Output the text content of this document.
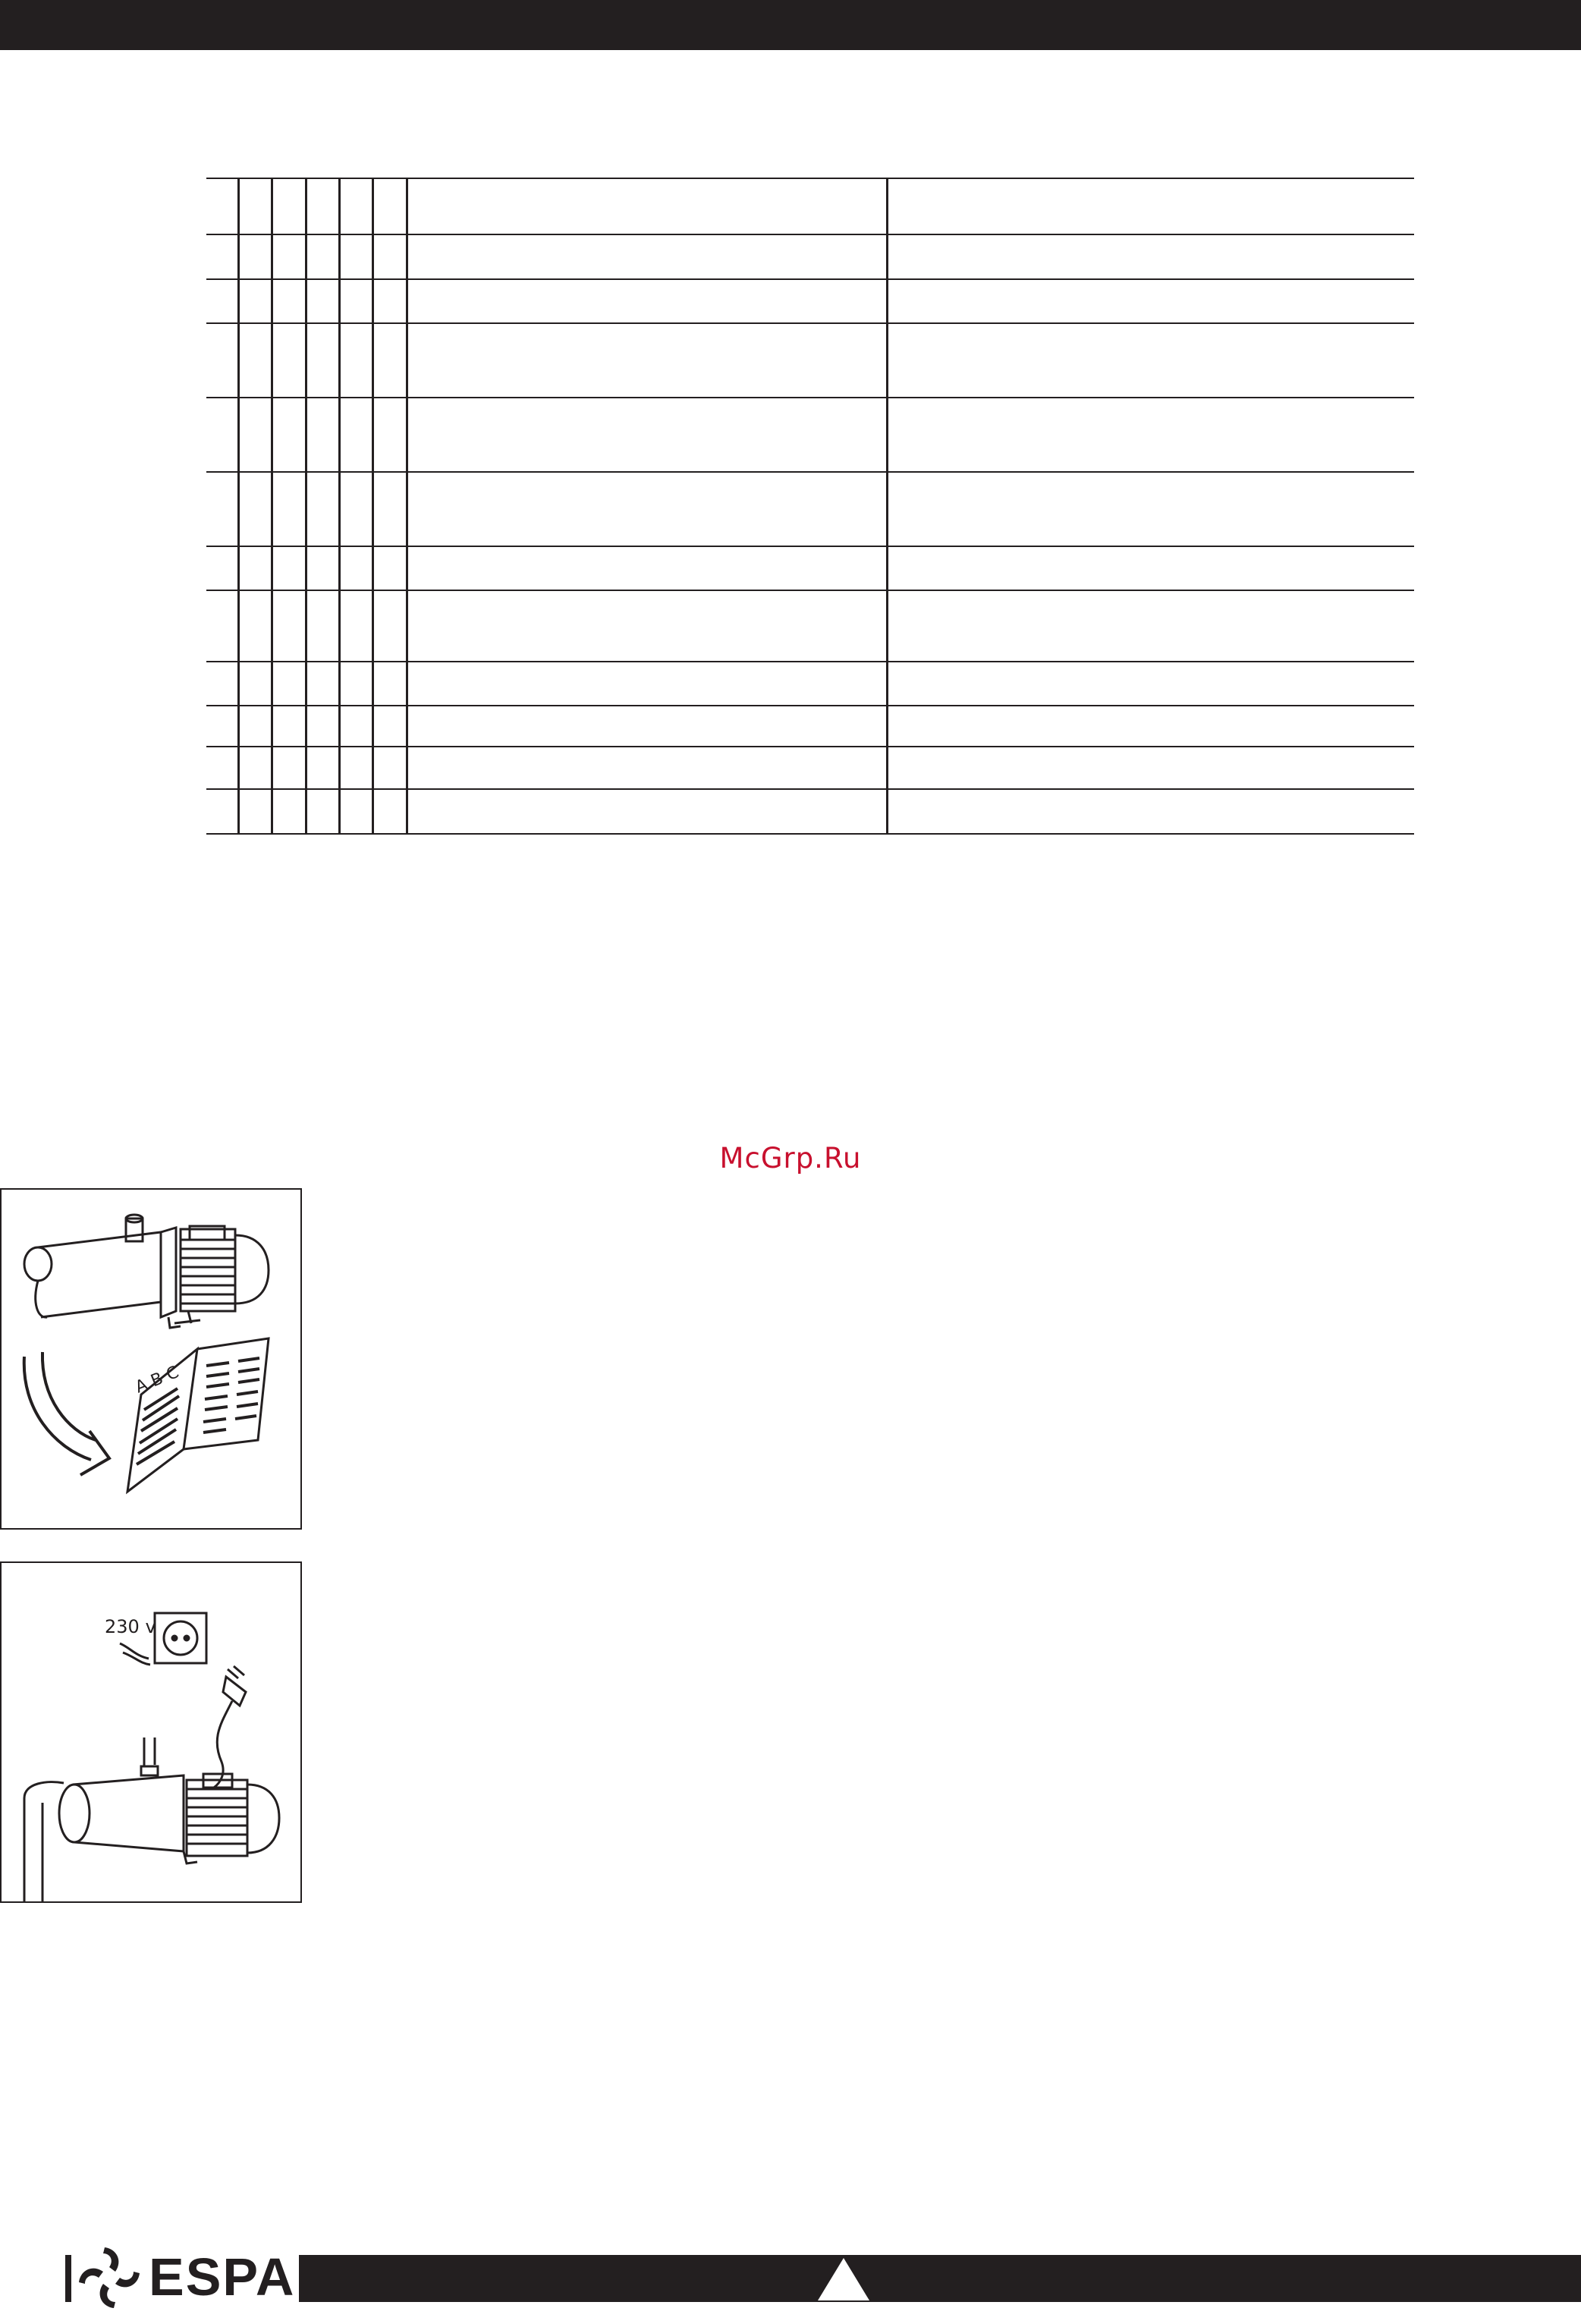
McGrp.Ru
A B C
230 v
ESPA
